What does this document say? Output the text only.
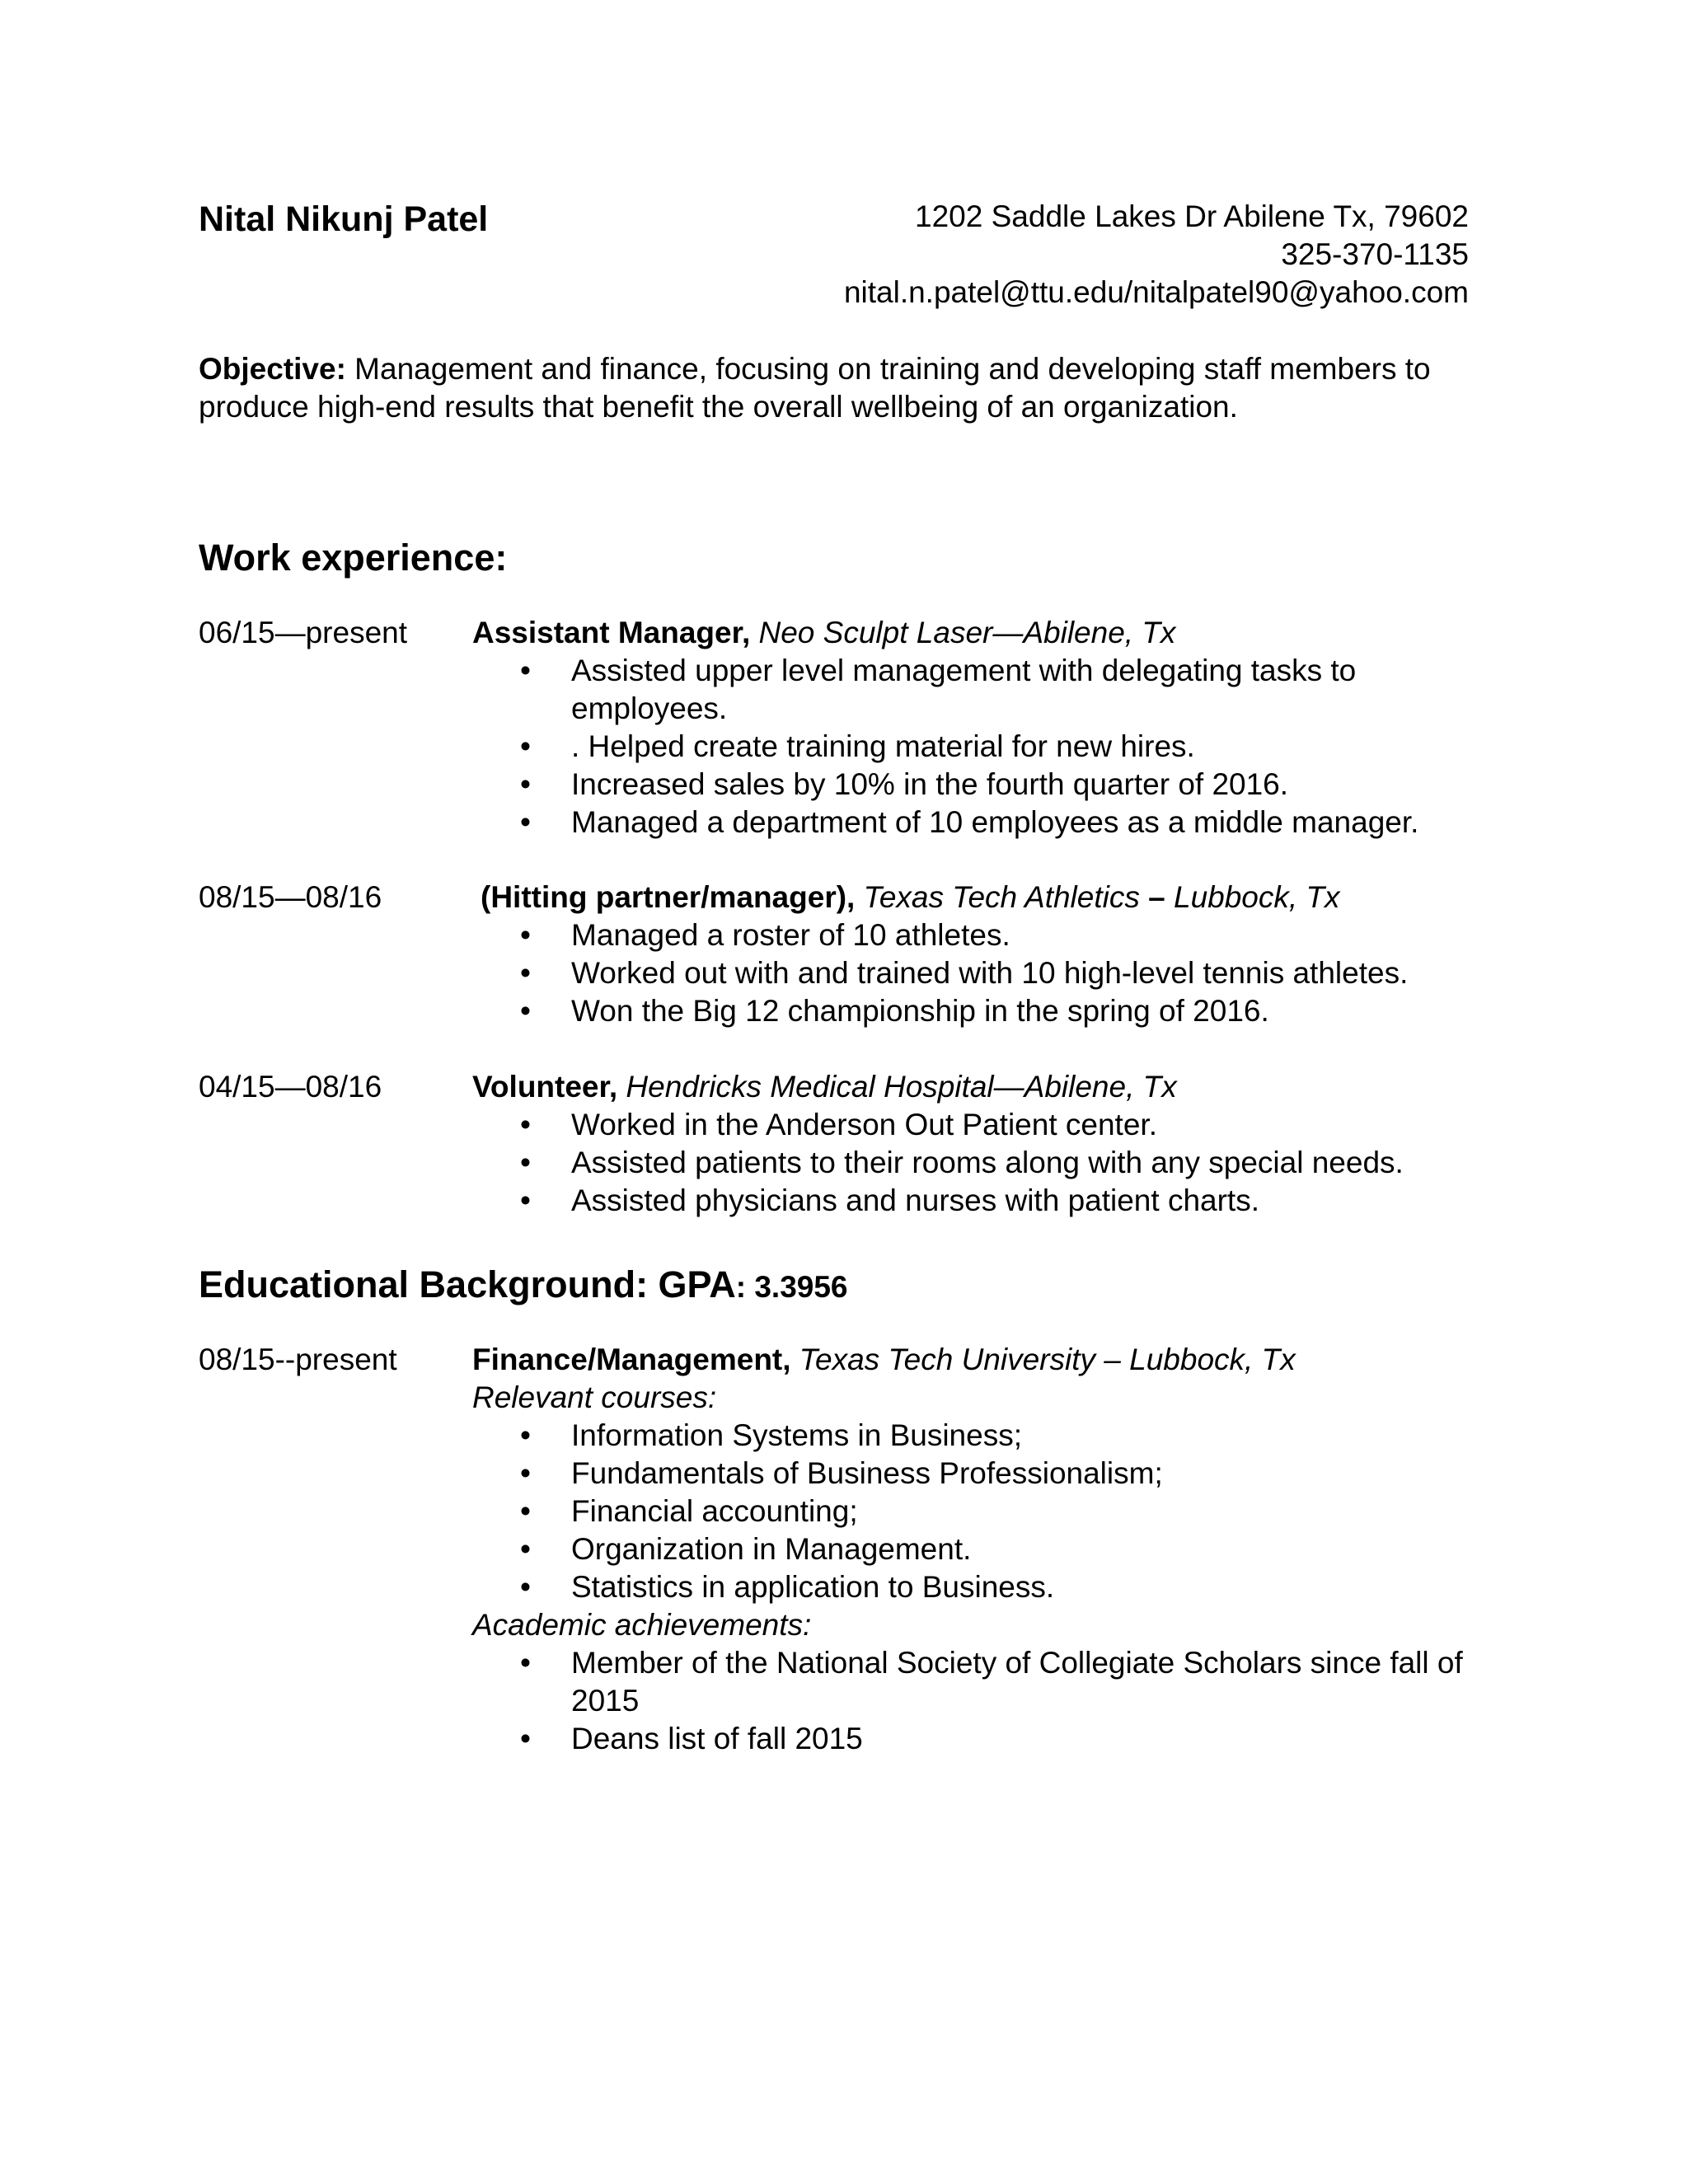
Nital Nikunj Patel	1202 Saddle Lakes Dr Abilene Tx, 79602
325-370-1135
nital.n.patel@ttu.edu/nitalpatel90@yahoo.com
Objective: Management and finance, focusing on training and developing staff members to produce high-end results that benefit the overall wellbeing of an organization.
Work experience:
06/15—present Assistant Manager, Neo Sculpt Laser—Abilene, Tx
• Assisted upper level management with delegating tasks to employees.
• . Helped create training material for new hires.
• Increased sales by 10% in the fourth quarter of 2016.
• Managed a department of 10 employees as a middle manager.
08/15—08/16	(Hitting partner/manager), Texas Tech Athletics – Lubbock, Tx
• Managed a roster of 10 athletes.
• Worked out with and trained with 10 high-level tennis athletes.
• Won the Big 12 championship in the spring of 2016.
04/15—08/16	Volunteer, Hendricks Medical Hospital—Abilene, Tx
• Worked in the Anderson Out Patient center.
• Assisted patients to their rooms along with any special needs.
• Assisted physicians and nurses with patient charts.
Educational Background: GPA: 3.3956
08/15--present Finance/Management, Texas Tech University – Lubbock, Tx
Relevant courses:
• Information Systems in Business;
• Fundamentals of Business Professionalism;
• Financial accounting;
• Organization in Management.
• Statistics in application to Business.
Academic achievements:
• Member of the National Society of Collegiate Scholars since fall of 2015
• Deans list of fall 2015
